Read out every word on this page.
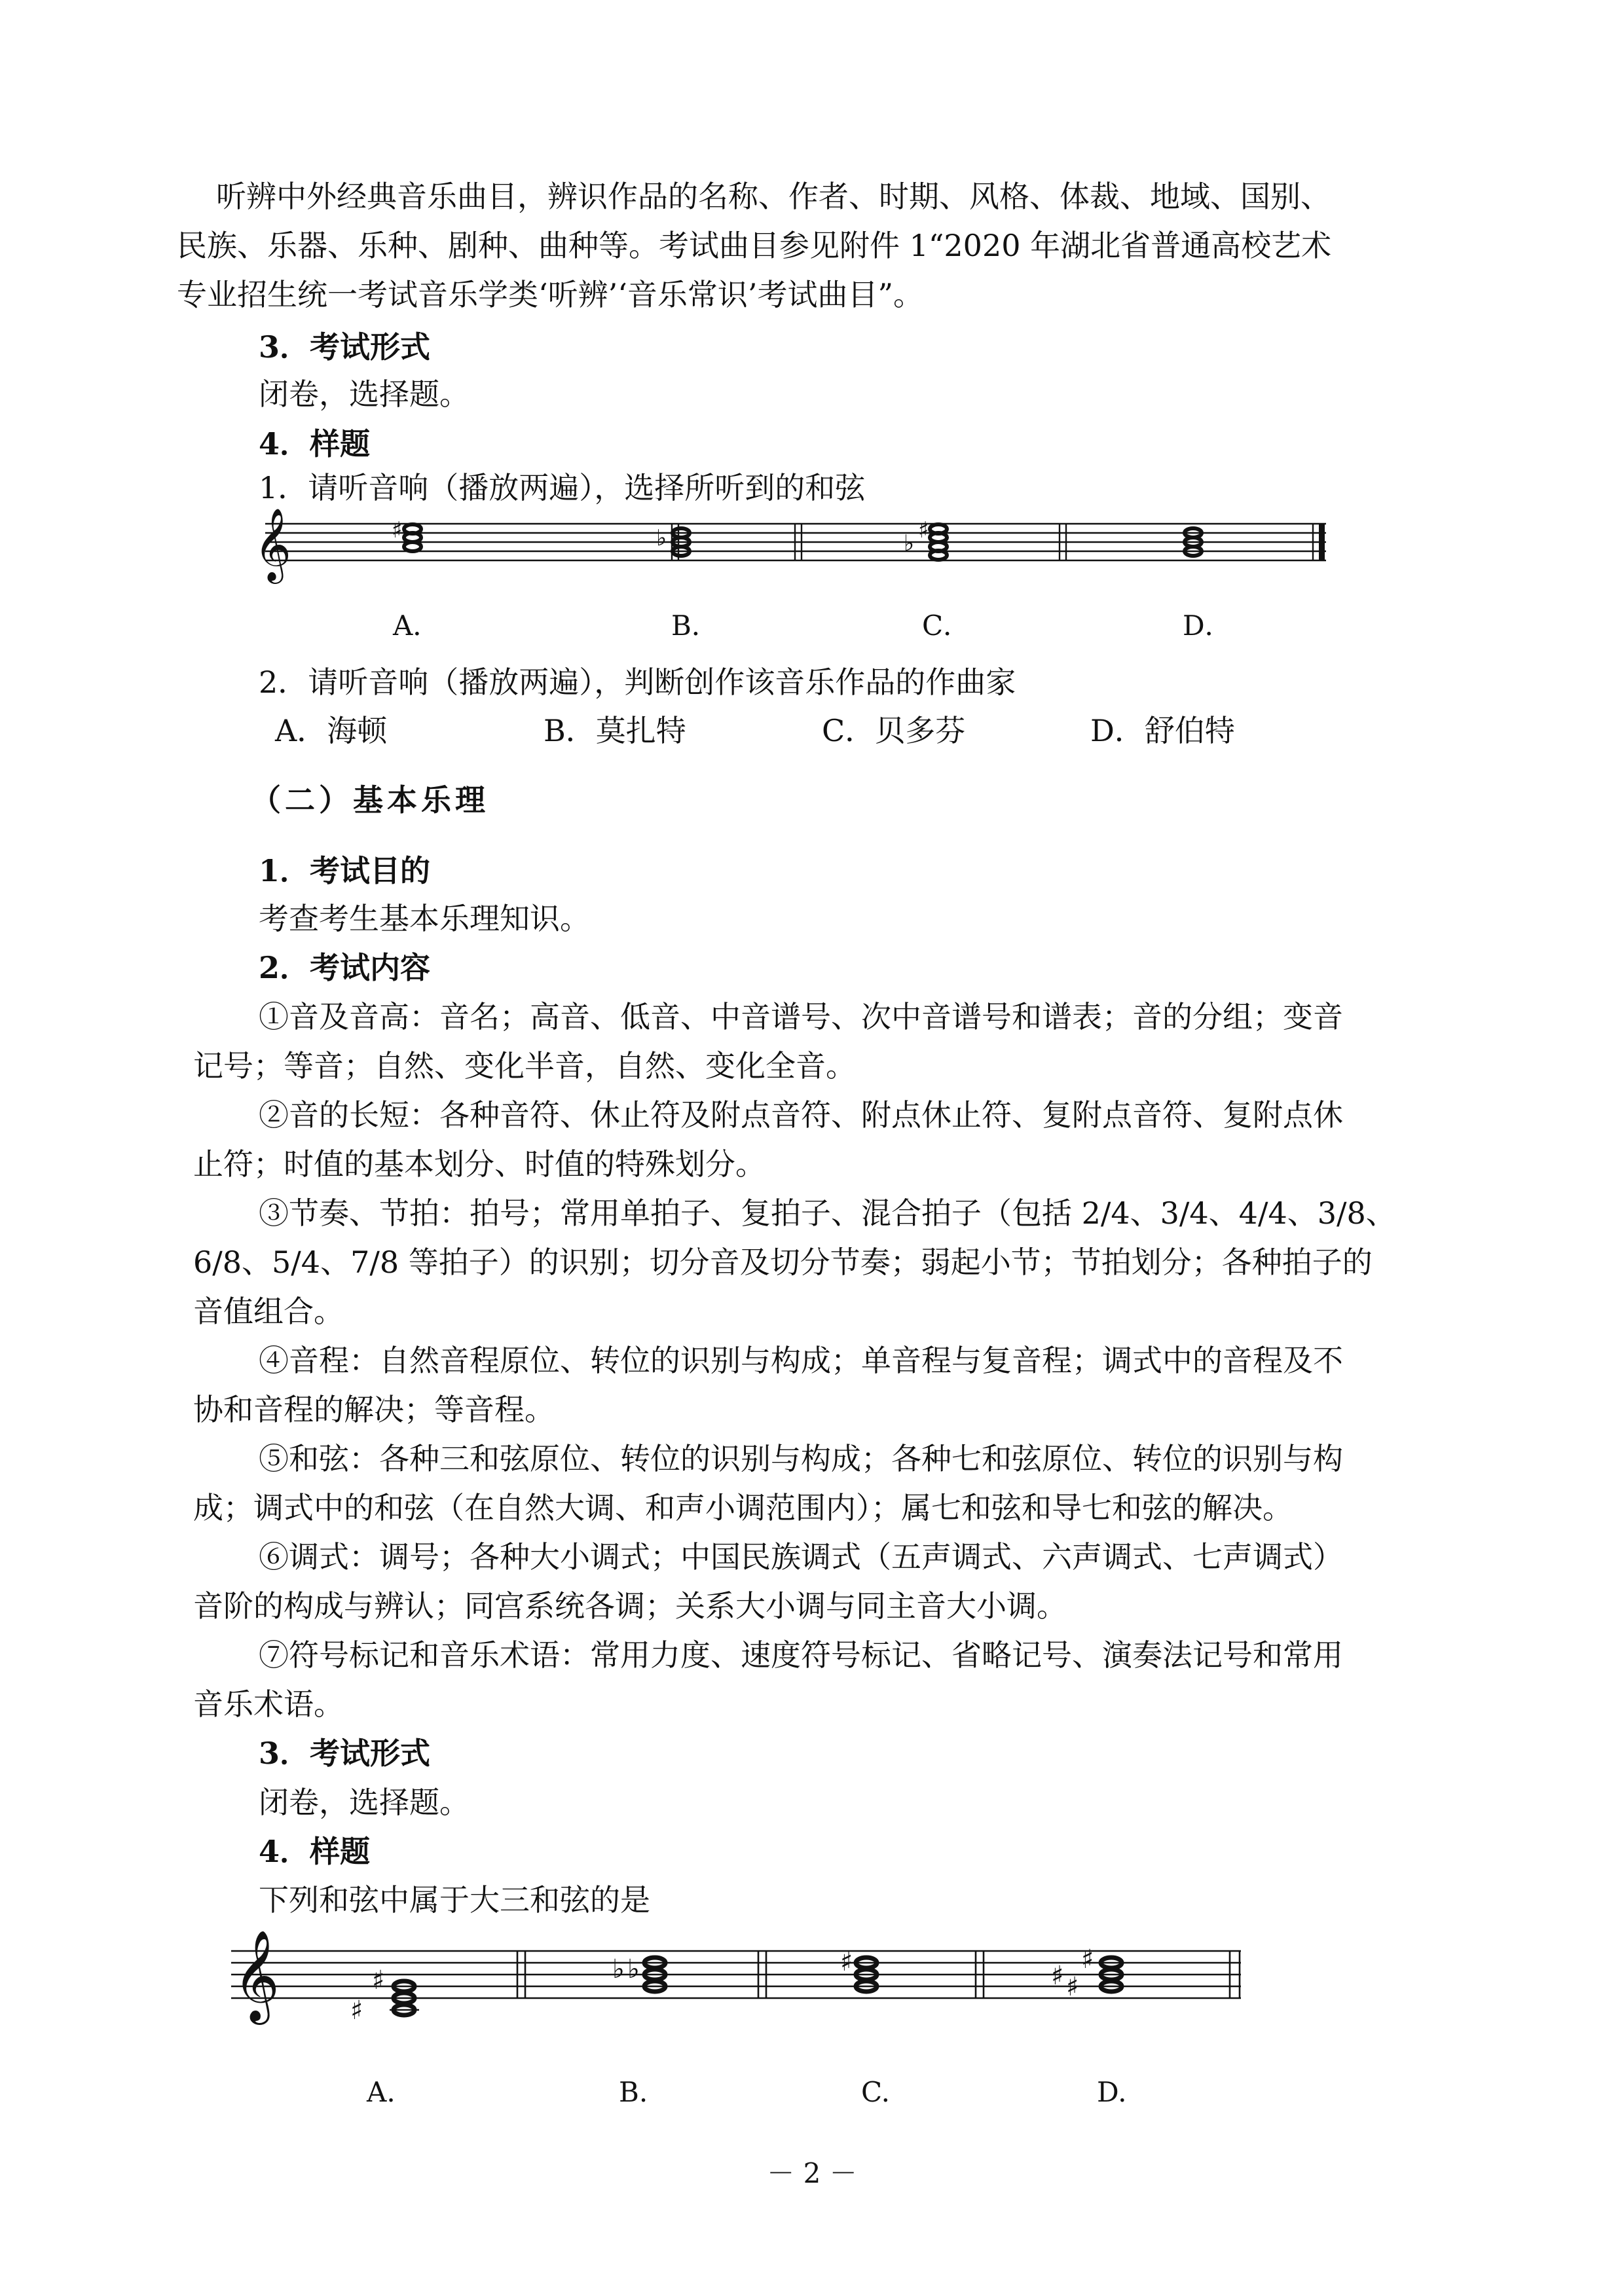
听辨中外经典音乐曲目，辨识作品的名称、作者、时期、风格、体裁、地域、国别、
民族、乐器、乐种、剧种、曲种等。考试曲目参见附件 1“2020 年湖北省普通高校艺术
专业招生统一考试音乐学类‘听辨’‘音乐常识’考试曲目”。
3．考试形式
闭卷，选择题。
4．样题
1．请听音响（播放两遍），选择所听到的和弦
𝄞	♯	♭	♭ ♯
A．	B．	C．	D．
2．请听音响（播放两遍），判断创作该音乐作品的作曲家
A．海顿	B．莫扎特	C．贝多芬	D．舒伯特
（二）基本乐理
1．考试目的
考查考生基本乐理知识。
2．考试内容
①音及音高：音名；高音、低音、中音谱号、次中音谱号和谱表；音的分组；变音
记号；等音；自然、变化半音，自然、变化全音。
②音的长短：各种音符、休止符及附点音符、附点休止符、复附点音符、复附点休
止符；时值的基本划分、时值的特殊划分。
③节奏、节拍：拍号；常用单拍子、复拍子、混合拍子（包括 2/4、3/4、4/4、3/8、
6/8、5/4、7/8 等拍子）的识别；切分音及切分节奏；弱起小节；节拍划分；各种拍子的
音值组合。
④音程：自然音程原位、转位的识别与构成；单音程与复音程；调式中的音程及不
协和音程的解决；等音程。
⑤和弦：各种三和弦原位、转位的识别与构成；各种七和弦原位、转位的识别与构
成；调式中的和弦（在自然大调、和声小调范围内）；属七和弦和导七和弦的解决。
⑥调式：调号；各种大小调式；中国民族调式（五声调式、六声调式、七声调式）
音阶的构成与辨认；同宫系统各调；关系大小调与同主音大小调。
⑦符号标记和音乐术语：常用力度、速度符号标记、省略记号、演奏法记号和常用
音乐术语。
3．考试形式
闭卷，选择题。
4．样题
下列和弦中属于大三和弦的是
𝄞	♯
♯	♭ ♭	♯	♯ ♯
♯
A.	B.	C.	D.
－ 2 －
